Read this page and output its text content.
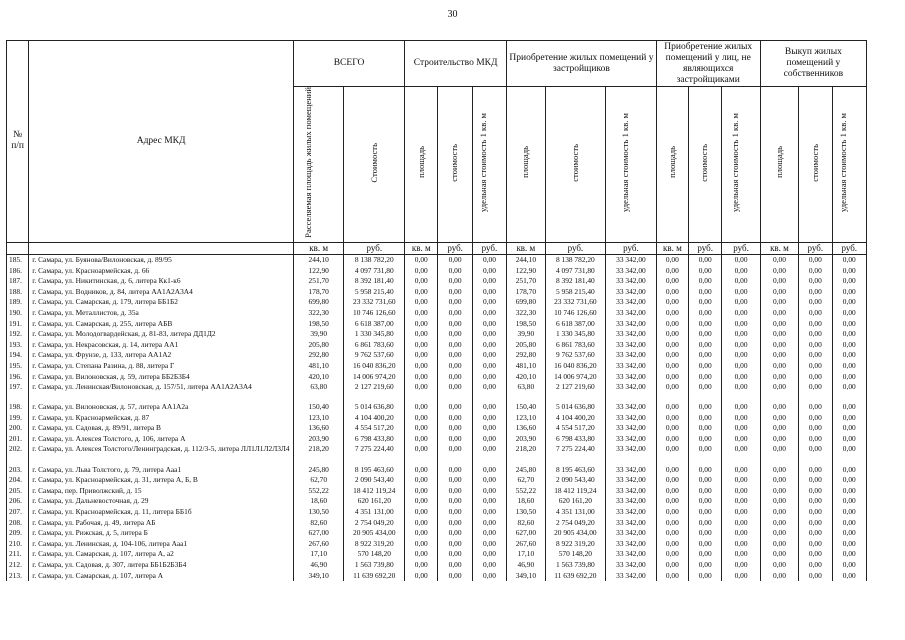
30
№
п/п	Адрес МКД	ВСЕГО		Строительство МКД			Приобретение жилых помещений у застройщиков			Приобретение жилых помещений у лиц, не являющихся застройщиками			Выкуп жилых помещений у собственников		
		Расселяемая площадь жилых помещений	Стоимость	площадь	стоимость	удельная стоимость 1 кв. м	площадь	стоимость	удельная стоимость 1 кв. м	площадь	стоимость	удельная стоимость 1 кв. м	площадь	стоимость	удельная стоимость 1 кв. м
		кв. м	руб.	кв. м	руб.	руб.	кв. м	руб.	руб.	кв. м	руб.	руб.	кв. м	руб.	руб.
185.	г. Самара, ул. Буянова/Вилоновская, д. 89/95	244,10	8 138 782,20	0,00	0,00	0,00	244,10	8 138 782,20	33 342,00	0,00	0,00	0,00	0,00	0,00	0,00
186.	г. Самара, ул. Красноармейская, д. 66	122,90	4 097 731,80	0,00	0,00	0,00	122,90	4 097 731,80	33 342,00	0,00	0,00	0,00	0,00	0,00	0,00
187.	г. Самара, ул. Никитинская, д. 6, литера Кк1-к6	251,70	8 392 181,40	0,00	0,00	0,00	251,70	8 392 181,40	33 342,00	0,00	0,00	0,00	0,00	0,00	0,00
188.	г. Самара, ул. Водников, д. 84, литера АА1А2А3А4	178,70	5 958 215,40	0,00	0,00	0,00	178,70	5 958 215,40	33 342,00	0,00	0,00	0,00	0,00	0,00	0,00
189.	г. Самара, ул. Самарская, д. 179, литера ББ1Б2	699,80	23 332 731,60	0,00	0,00	0,00	699,80	23 332 731,60	33 342,00	0,00	0,00	0,00	0,00	0,00	0,00
190.	г. Самара, ул. Металлистов, д. 35а	322,30	10 746 126,60	0,00	0,00	0,00	322,30	10 746 126,60	33 342,00	0,00	0,00	0,00	0,00	0,00	0,00
191.	г. Самара, ул. Самарская, д. 255, литера АБВ	198,50	6 618 387,00	0,00	0,00	0,00	198,50	6 618 387,00	33 342,00	0,00	0,00	0,00	0,00	0,00	0,00
192.	г. Самара, ул. Молодогвардейская, д. 81-83, литера ДД1Д2	39,90	1 330 345,80	0,00	0,00	0,00	39,90	1 330 345,80	33 342,00	0,00	0,00	0,00	0,00	0,00	0,00
193.	г. Самара, ул. Некрасовская, д. 14, литера АА1	205,80	6 861 783,60	0,00	0,00	0,00	205,80	6 861 783,60	33 342,00	0,00	0,00	0,00	0,00	0,00	0,00
194.	г. Самара, ул. Фрунзе, д. 133, литера АА1А2	292,80	9 762 537,60	0,00	0,00	0,00	292,80	9 762 537,60	33 342,00	0,00	0,00	0,00	0,00	0,00	0,00
195.	г. Самара, ул. Степана Разина, д. 88, литера Г	481,10	16 040 836,20	0,00	0,00	0,00	481,10	16 040 836,20	33 342,00	0,00	0,00	0,00	0,00	0,00	0,00
196.	г. Самара, ул. Вилоновская, д. 59, литера ББ2Б3Б4	420,10	14 006 974,20	0,00	0,00	0,00	420,10	14 006 974,20	33 342,00	0,00	0,00	0,00	0,00	0,00	0,00
197.	г. Самара, ул. Ленинская/Вилоновская, д. 157/51, литера АА1А2А3А4	63,80	2 127 219,60	0,00	0,00	0,00	63,80	2 127 219,60	33 342,00	0,00	0,00	0,00	0,00	0,00	0,00
198.	г. Самара, ул. Вилоновская, д. 57, литера АА1А2а	150,40	5 014 636,80	0,00	0,00	0,00	150,40	5 014 636,80	33 342,00	0,00	0,00	0,00	0,00	0,00	0,00
199.	г. Самара, ул. Красноармейская, д. 87	123,10	4 104 400,20	0,00	0,00	0,00	123,10	4 104 400,20	33 342,00	0,00	0,00	0,00	0,00	0,00	0,00
200.	г. Самара, ул. Садовая, д. 89/91, литера В	136,60	4 554 517,20	0,00	0,00	0,00	136,60	4 554 517,20	33 342,00	0,00	0,00	0,00	0,00	0,00	0,00
201.	г. Самара, ул. Алексея Толстого, д. 106, литера А	203,90	6 798 433,80	0,00	0,00	0,00	203,90	6 798 433,80	33 342,00	0,00	0,00	0,00	0,00	0,00	0,00
202.	г. Самара, ул. Алексея Толстого/Ленинградская, д. 112/3-5, литера ЛЛ1Л1Л2Л3Л4	218,20	7 275 224,40	0,00	0,00	0,00	218,20	7 275 224,40	33 342,00	0,00	0,00	0,00	0,00	0,00	0,00
203.	г. Самара, ул. Льва Толстого, д. 79, литера Ааа1	245,80	8 195 463,60	0,00	0,00	0,00	245,80	8 195 463,60	33 342,00	0,00	0,00	0,00	0,00	0,00	0,00
204.	г. Самара, ул. Красноармейская, д. 31, литера А, Б, В	62,70	2 090 543,40	0,00	0,00	0,00	62,70	2 090 543,40	33 342,00	0,00	0,00	0,00	0,00	0,00	0,00
205.	г. Самара, пер. Приволжский, д. 15	552,22	18 412 119,24	0,00	0,00	0,00	552,22	18 412 119,24	33 342,00	0,00	0,00	0,00	0,00	0,00	0,00
206.	г. Самара, ул. Дальневосточная, д. 29	18,60	620 161,20	0,00	0,00	0,00	18,60	620 161,20	33 342,00	0,00	0,00	0,00	0,00	0,00	0,00
207.	г. Самара, ул. Красноармейская, д. 11, литера ББ1б	130,50	4 351 131,00	0,00	0,00	0,00	130,50	4 351 131,00	33 342,00	0,00	0,00	0,00	0,00	0,00	0,00
208.	г. Самара, ул. Рабочая, д. 49, литера АБ	82,60	2 754 049,20	0,00	0,00	0,00	82,60	2 754 049,20	33 342,00	0,00	0,00	0,00	0,00	0,00	0,00
209.	г. Самара, ул. Рижская, д. 5, литера Б	627,00	20 905 434,00	0,00	0,00	0,00	627,00	20 905 434,00	33 342,00	0,00	0,00	0,00	0,00	0,00	0,00
210.	г. Самара, ул. Ленинская, д. 104-106, литера Ааа1	267,60	8 922 319,20	0,00	0,00	0,00	267,60	8 922 319,20	33 342,00	0,00	0,00	0,00	0,00	0,00	0,00
211.	г. Самара, ул. Самарская, д. 107, литера А, а2	17,10	570 148,20	0,00	0,00	0,00	17,10	570 148,20	33 342,00	0,00	0,00	0,00	0,00	0,00	0,00
212.	г. Самара, ул. Садовая, д. 307, литера ББ1Б2Б3Б4	46,90	1 563 739,80	0,00	0,00	0,00	46,90	1 563 739,80	33 342,00	0,00	0,00	0,00	0,00	0,00	0,00
213.	г. Самара, ул. Самарская, д. 107, литера А	349,10	11 639 692,20	0,00	0,00	0,00	349,10	11 639 692,20	33 342,00	0,00	0,00	0,00	0,00	0,00	0,00
